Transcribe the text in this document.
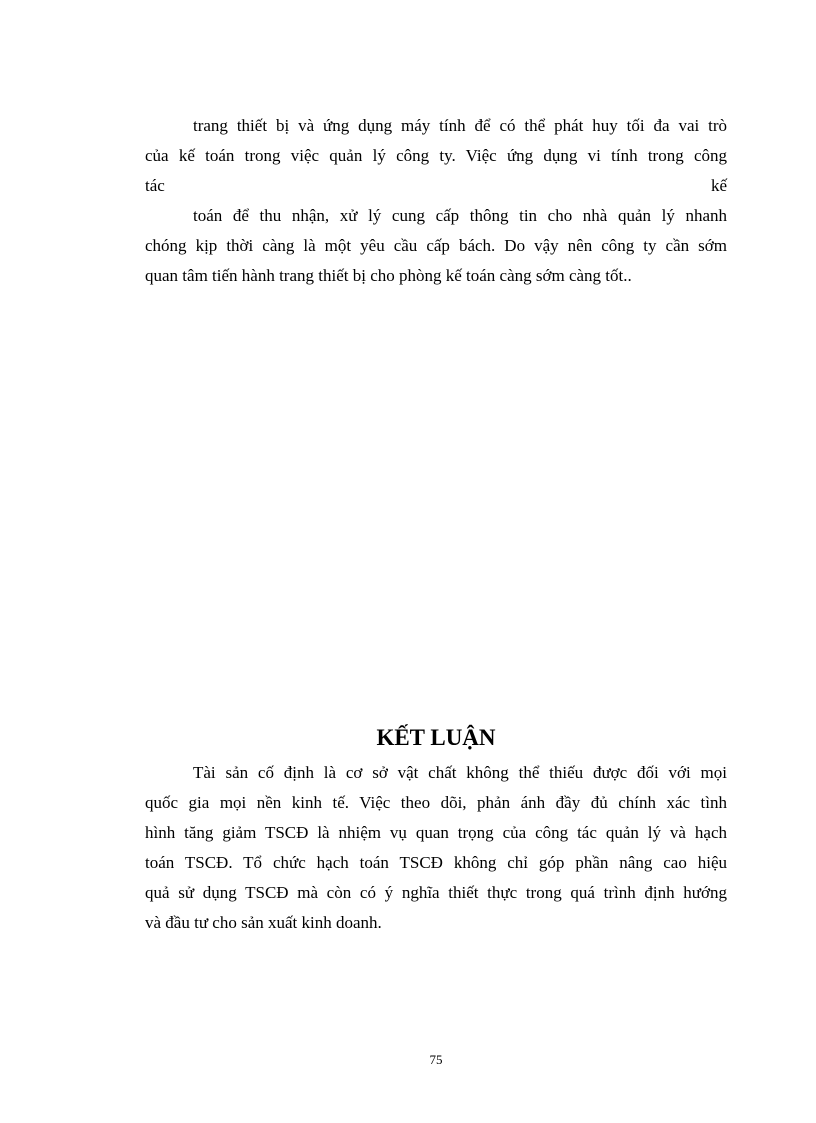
trang thiết bị và ứng dụng máy tính để có thể phát huy tối đa vai trò
của kế toán trong việc quản lý công ty. Việc ứng dụng vi tính trong công
tác kế
toán để thu nhận, xử lý cung cấp thông tin cho nhà quản lý nhanh
chóng kịp thời càng là một yêu cầu cấp bách. Do vậy nên công ty cần sớm
quan tâm tiến hành trang thiết bị cho phòng kế toán càng sớm càng tốt..
KẾT LUẬN
Tài sản cố định là cơ sở vật chất không thể thiếu được đối với mọi
quốc gia mọi nền kinh tế. Việc theo dõi, phản ánh đầy đủ chính xác tình
hình tăng giảm TSCĐ là nhiệm vụ quan trọng của công tác quản lý và hạch
toán TSCĐ. Tổ chức hạch toán TSCĐ không chỉ góp phần nâng cao hiệu
quả sử dụng TSCĐ mà còn có ý nghĩa thiết thực trong quá trình định hướng
và đầu tư cho sản xuất kinh doanh.
75
